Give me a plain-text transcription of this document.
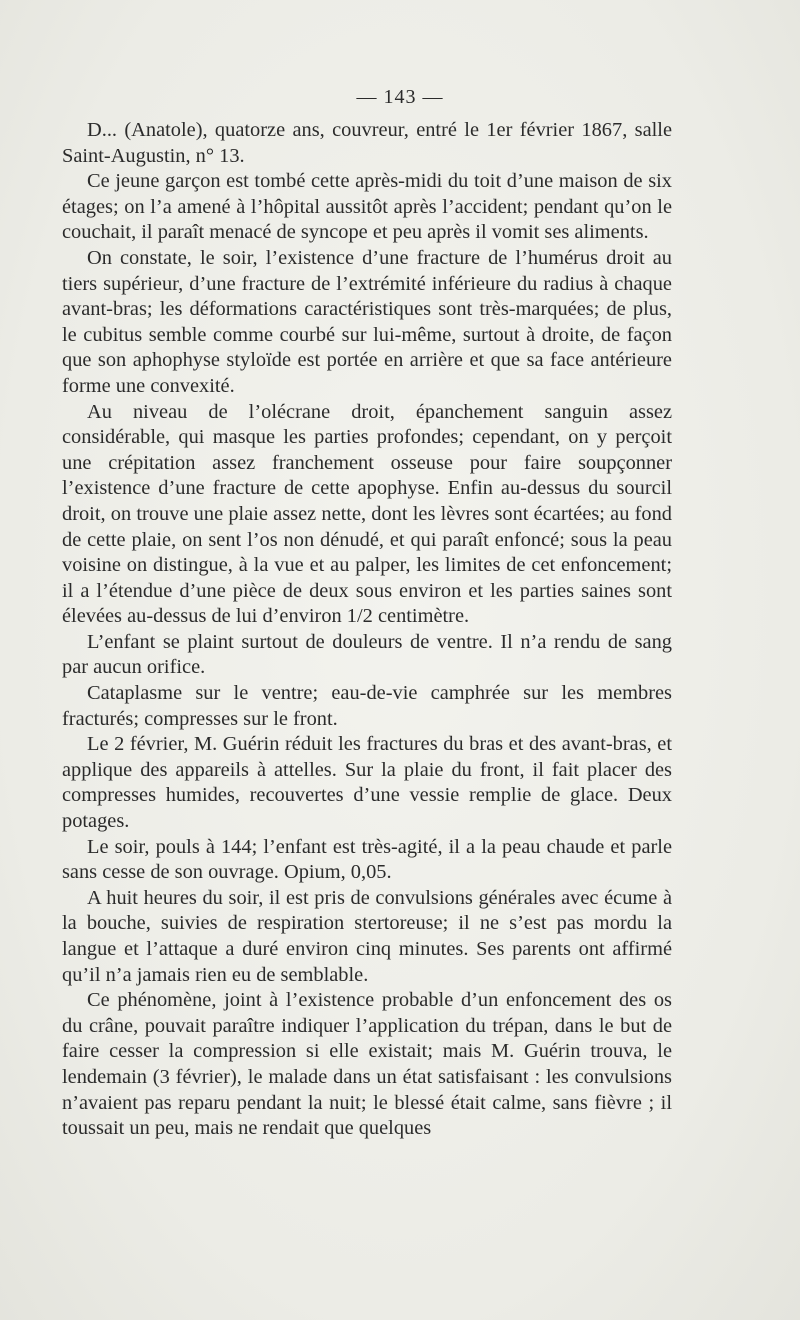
— 143 —

D... (Anatole), quatorze ans, couvreur, entré le 1er février 1867, salle Saint-Augustin, n° 13.

Ce jeune garçon est tombé cette après-midi du toit d’une maison de six étages; on l’a amené à l’hôpital aussitôt après l’accident; pendant qu’on le couchait, il paraît menacé de syncope et peu après il vomit ses aliments.

On constate, le soir, l’existence d’une fracture de l’humérus droit au tiers supérieur, d’une fracture de l’extrémité inférieure du radius à chaque avant-bras; les déformations caractéristiques sont très-marquées; de plus, le cubitus semble comme courbé sur lui-même, surtout à droite, de façon que son aphophyse styloïde est portée en arrière et que sa face antérieure forme une convexité.

Au niveau de l’olécrane droit, épanchement sanguin assez considérable, qui masque les parties profondes; cependant, on y perçoit une crépitation assez franchement osseuse pour faire soupçonner l’existence d’une fracture de cette apophyse. Enfin au-dessus du sourcil droit, on trouve une plaie assez nette, dont les lèvres sont écartées; au fond de cette plaie, on sent l’os non dénudé, et qui paraît enfoncé; sous la peau voisine on distingue, à la vue et au palper, les limites de cet enfoncement; il a l’étendue d’une pièce de deux sous environ et les parties saines sont élevées au-dessus de lui d’environ 1/2 centimètre.

L’enfant se plaint surtout de douleurs de ventre. Il n’a rendu de sang par aucun orifice.

Cataplasme sur le ventre; eau-de-vie camphrée sur les membres fracturés; compresses sur le front.

Le 2 février, M. Guérin réduit les fractures du bras et des avant-bras, et applique des appareils à attelles. Sur la plaie du front, il fait placer des compresses humides, recouvertes d’une vessie remplie de glace. Deux potages.

Le soir, pouls à 144; l’enfant est très-agité, il a la peau chaude et parle sans cesse de son ouvrage. Opium, 0,05.

A huit heures du soir, il est pris de convulsions générales avec écume à la bouche, suivies de respiration stertoreuse; il ne s’est pas mordu la langue et l’attaque a duré environ cinq minutes. Ses parents ont affirmé qu’il n’a jamais rien eu de semblable.

Ce phénomène, joint à l’existence probable d’un enfoncement des os du crâne, pouvait paraître indiquer l’application du trépan, dans le but de faire cesser la compression si elle existait; mais M. Guérin trouva, le lendemain (3 février), le malade dans un état satisfaisant : les convulsions n’avaient pas reparu pendant la nuit; le blessé était calme, sans fièvre ; il toussait un peu, mais ne rendait que quelques
